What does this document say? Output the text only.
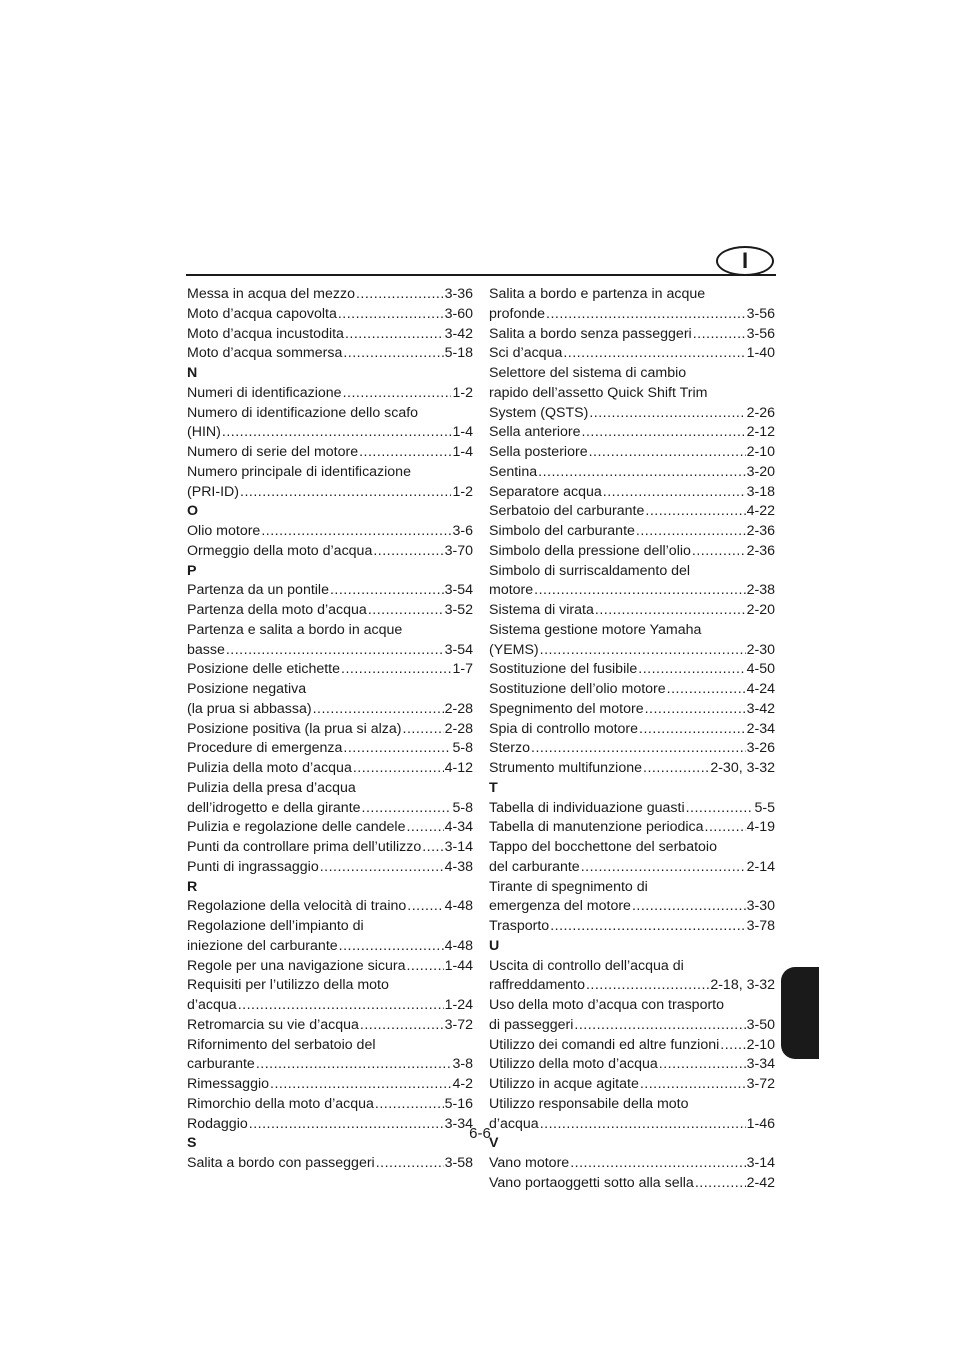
I
Messa in acqua del mezzo .....	3-36
Moto d’acqua capovolta .....	3-60
Moto d’acqua incustodita .....	3-42
Moto d’acqua sommersa .....	5-18
N
Numeri di identificazione .....	1-2
Numero di identificazione dello scafo
(HIN) .....	1-4
Numero di serie del motore .....	1-4
Numero principale di identificazione
(PRI-ID) .....	1-2
O
Olio motore .....	3-6
Ormeggio della moto d’acqua .....	3-70
P
Partenza da un pontile .....	3-54
Partenza della moto d’acqua .....	3-52
Partenza e salita a bordo in acque
basse .....	3-54
Posizione delle etichette .....	1-7
Posizione negativa
(la prua si abbassa) .....	2-28
Posizione positiva (la prua si alza) .....	2-28
Procedure di emergenza .....	5-8
Pulizia della moto d’acqua .....	4-12
Pulizia della presa d’acqua
dell’idrogetto e della girante .....	5-8
Pulizia e regolazione delle candele .....	4-34
Punti da controllare prima dell’utilizzo ..... 3-14
Punti di ingrassaggio .....	4-38
R
Regolazione della velocità di traino .....	4-48
Regolazione dell’impianto di
iniezione del carburante .....	4-48
Regole per una navigazione sicura .....	1-44
Requisiti per l’utilizzo della moto
d’acqua .....	1-24
Retromarcia su vie d’acqua .....	3-72
Rifornimento del serbatoio del
carburante .....	3-8
Rimessaggio .....	4-2
Rimorchio della moto d’acqua .....	5-16
Rodaggio .....	3-34
S
Salita a bordo con passeggeri .....	3-58
Salita a bordo e partenza in acque
profonde .....	3-56
Salita a bordo senza passeggeri .....	3-56
Sci d’acqua .....	1-40
Selettore del sistema di cambio
rapido dell’assetto Quick Shift Trim
System (QSTS) .....	2-26
Sella anteriore .....	2-12
Sella posteriore .....	2-10
Sentina .....	3-20
Separatore acqua .....	3-18
Serbatoio del carburante .....	4-22
Simbolo del carburante .....	2-36
Simbolo della pressione dell’olio .....	2-36
Simbolo di surriscaldamento del
motore .....	2-38
Sistema di virata .....	2-20
Sistema gestione motore Yamaha
(YEMS) .....	2-30
Sostituzione del fusibile .....	4-50
Sostituzione dell’olio motore .....	4-24
Spegnimento del motore .....	3-42
Spia di controllo motore .....	2-34
Sterzo .....	3-26
Strumento multifunzione .....	2-30, 3-32
T
Tabella di individuazione guasti .....	5-5
Tabella di manutenzione periodica .....	4-19
Tappo del bocchettone del serbatoio
del carburante .....	2-14
Tirante di spegnimento di
emergenza del motore .....	3-30
Trasporto .....	3-78
U
Uscita di controllo dell’acqua di
raffreddamento .....	2-18, 3-32
Uso della moto d’acqua con trasporto
di passeggeri .....	3-50
Utilizzo dei comandi ed altre funzioni ..... 2-10
Utilizzo della moto d’acqua .....	3-34
Utilizzo in acque agitate .....	3-72
Utilizzo responsabile della moto
d’acqua .....	1-46
V
Vano motore .....	3-14
Vano portaoggetti sotto alla sella .....	2-42
6-6
